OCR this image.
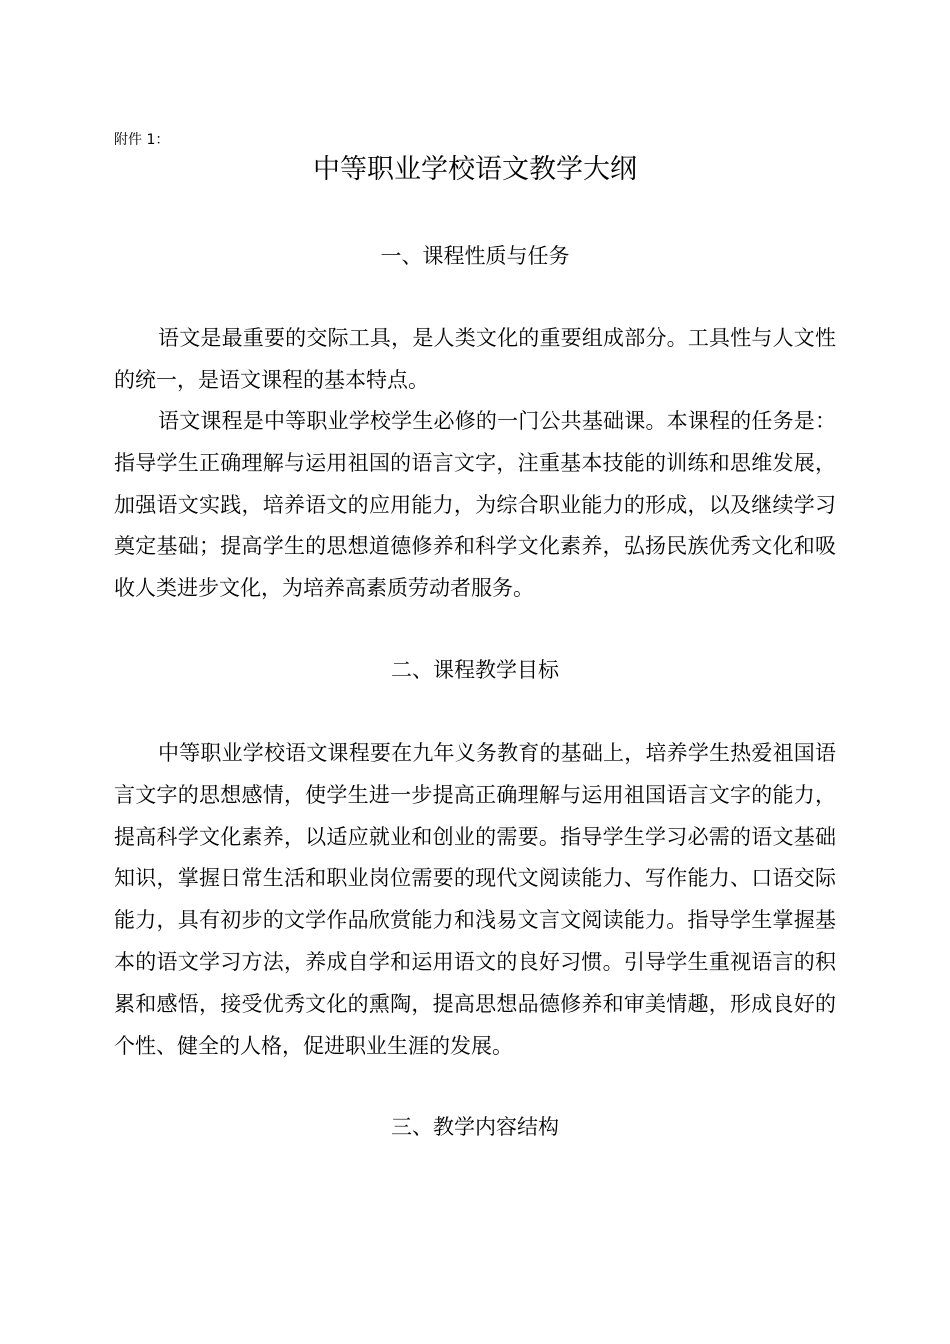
附件 1：
中等职业学校语文教学大纲
一、课程性质与任务

语文是最重要的交际工具，是人类文化的重要组成部分。工具性与人文性的统一，是语文课程的基本特点。

语文课程是中等职业学校学生必修的一门公共基础课。本课程的任务是：指导学生正确理解与运用祖国的语言文字，注重基本技能的训练和思维发展，加强语文实践，培养语文的应用能力，为综合职业能力的形成，以及继续学习奠定基础；提高学生的思想道德修养和科学文化素养，弘扬民族优秀文化和吸收人类进步文化，为培养高素质劳动者服务。

二、课程教学目标

中等职业学校语文课程要在九年义务教育的基础上，培养学生热爱祖国语言文字的思想感情，使学生进一步提高正确理解与运用祖国语言文字的能力，提高科学文化素养，以适应就业和创业的需要。指导学生学习必需的语文基础知识，掌握日常生活和职业岗位需要的现代文阅读能力、写作能力、口语交际能力，具有初步的文学作品欣赏能力和浅易文言文阅读能力。指导学生掌握基本的语文学习方法，养成自学和运用语文的良好习惯。引导学生重视语言的积累和感悟，接受优秀文化的熏陶，提高思想品德修养和审美情趣，形成良好的个性、健全的人格，促进职业生涯的发展。

三、教学内容结构
